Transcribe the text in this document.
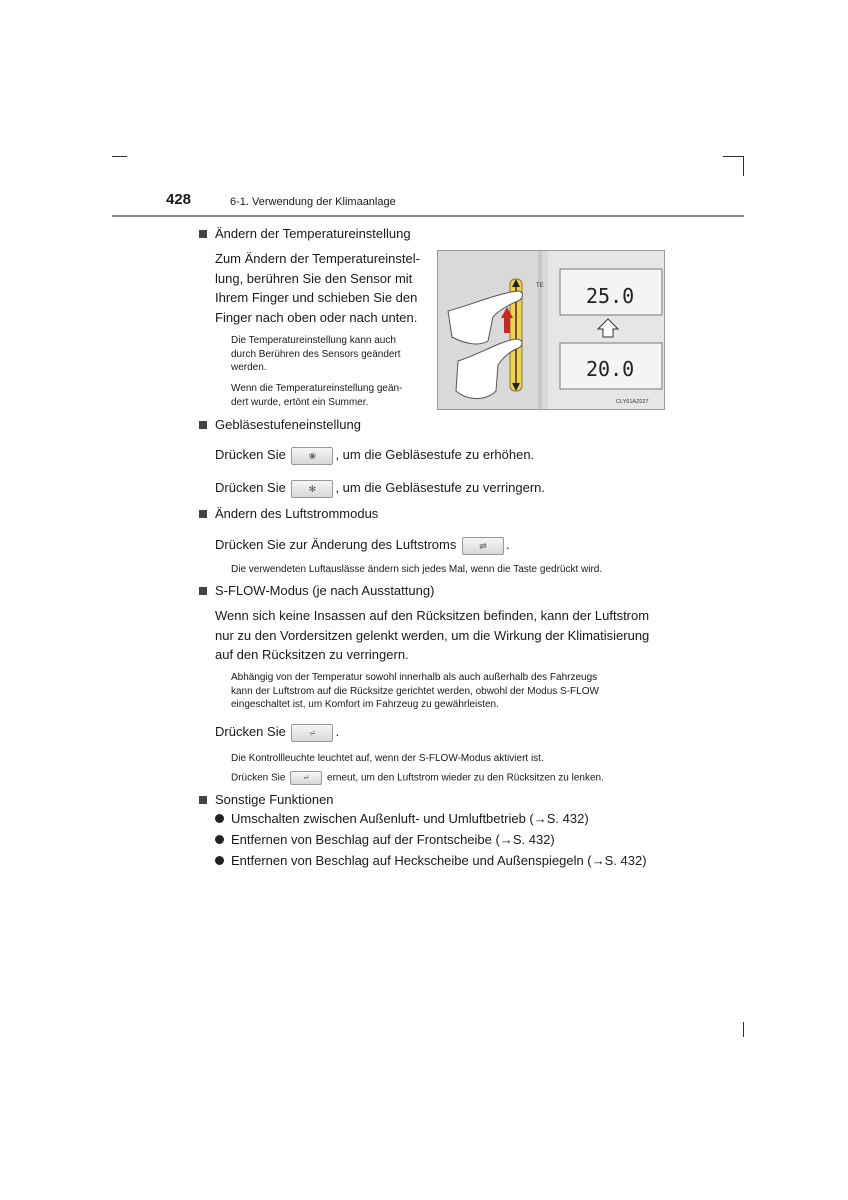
428	6-1. Verwendung der Klimaanlage
Ändern der Temperatureinstellung
Zum Ändern der Temperatureinstel-
lung, berühren Sie den Sensor mit
Ihrem Finger und schieben Sie den
Finger nach oben oder nach unten.
Die Temperatureinstellung kann auch
durch Berühren des Sensors geändert
werden.
Wenn die Temperatureinstellung geän-
dert wurde, ertönt ein Summer.
TE 25.0
20.0
CLY61AZ027
Gebläsestufeneinstellung
Drücken Sie	❀ , um die Gebläsestufe zu erhöhen.
Drücken Sie	✻ , um die Gebläsestufe zu verringern.
Ändern des Luftstrommodus
Drücken Sie zur Änderung des Luftstroms	⇌ .
Die verwendeten Luftauslässe ändern sich jedes Mal, wenn die Taste gedrückt wird.
S-FLOW-Modus (je nach Ausstattung)
Wenn sich keine Insassen auf den Rücksitzen befinden, kann der Luftstrom
nur zu den Vordersitzen gelenkt werden, um die Wirkung der Klimatisierung
auf den Rücksitzen zu verringern.
Abhängig von der Temperatur sowohl innerhalb als auch außerhalb des Fahrzeugs
kann der Luftstrom auf die Rücksitze gerichtet werden, obwohl der Modus S-FLOW
eingeschaltet ist, um Komfort im Fahrzeug zu gewährleisten.
Drücken Sie	⩫ .
Die Kontrollleuchte leuchtet auf, wenn der S-FLOW-Modus aktiviert ist.
Drücken Sie ⩫ erneut, um den Luftstrom wieder zu den Rücksitzen zu lenken.
Sonstige Funktionen
Umschalten zwischen Außenluft- und Umluftbetrieb (→S. 432)
Entfernen von Beschlag auf der Frontscheibe (→S. 432)
Entfernen von Beschlag auf Heckscheibe und Außenspiegeln (→S. 432)
